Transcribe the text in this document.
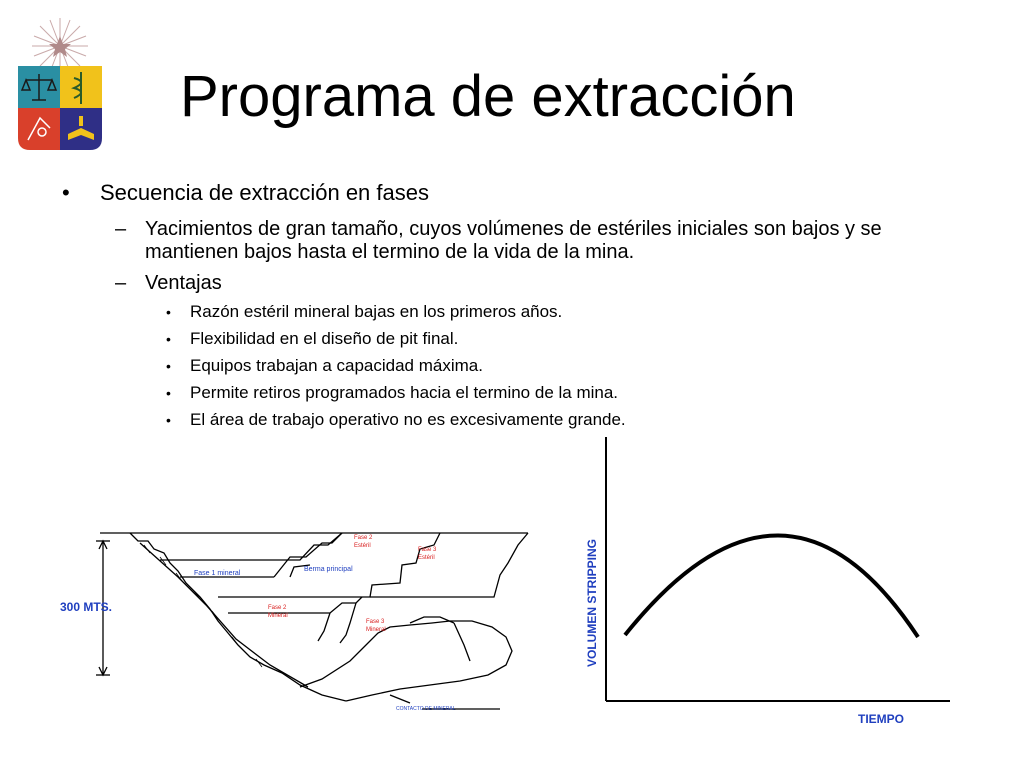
Programa de extracción
• Secuencia de extracción en fases
– Yacimientos de gran tamaño, cuyos volúmenes de estériles iniciales son bajos y se mantienen bajos hasta el termino de la vida de la mina.
– Ventajas
• Razón estéril mineral bajas en los primeros años.
• Flexibilidad en el diseño de pit final.
• Equipos trabajan a capacidad máxima.
• Permite retiros programados hacia el termino de la mina.
• El área de trabajo operativo no es excesivamente grande.
300 MTS.
Fase 1 mineral
Berma principal
Fase 2
Estéril
Fase 3
Estéril
Fase 2
Mineral
Fase 3
Mineral
CONTACTO DE MINERAL
VOLUMEN STRIPPING
TIEMPO
